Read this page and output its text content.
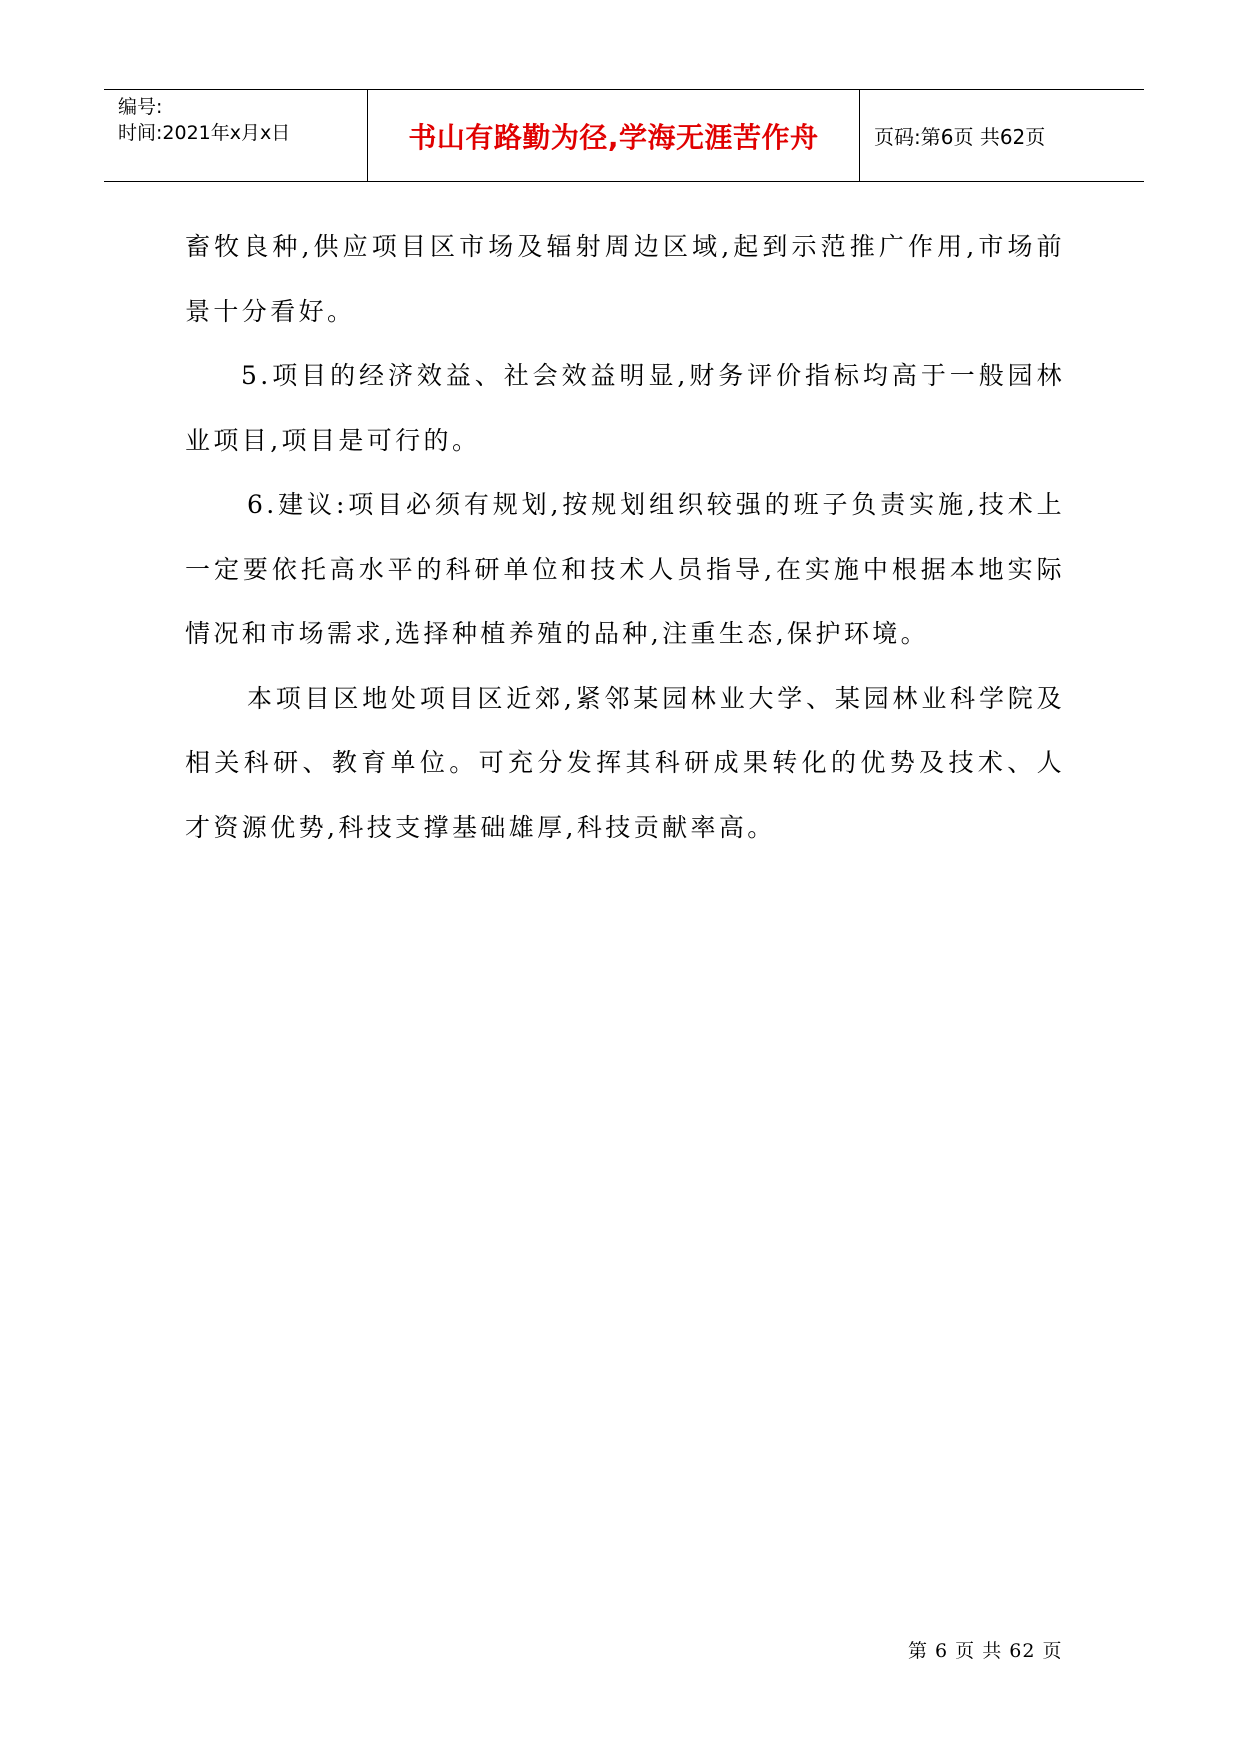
编号:
时间:2021年x月x日	书山有路勤为径,学海无涯苦作舟	页码:第6页 共62页

畜牧良种,供应项目区市场及辐射周边区域,起到示范推广作用,市场前景十分看好。

5.项目的经济效益、社会效益明显,财务评价指标均高于一般园林业项目,项目是可行的。

6.建议:项目必须有规划,按规划组织较强的班子负责实施,技术上一定要依托高水平的科研单位和技术人员指导,在实施中根据本地实际情况和市场需求,选择种植养殖的品种,注重生态,保护环境。

本项目区地处项目区近郊,紧邻某园林业大学、某园林业科学院及相关科研、教育单位。可充分发挥其科研成果转化的优势及技术、人才资源优势,科技支撑基础雄厚,科技贡献率高。

第 6 页 共 62 页
